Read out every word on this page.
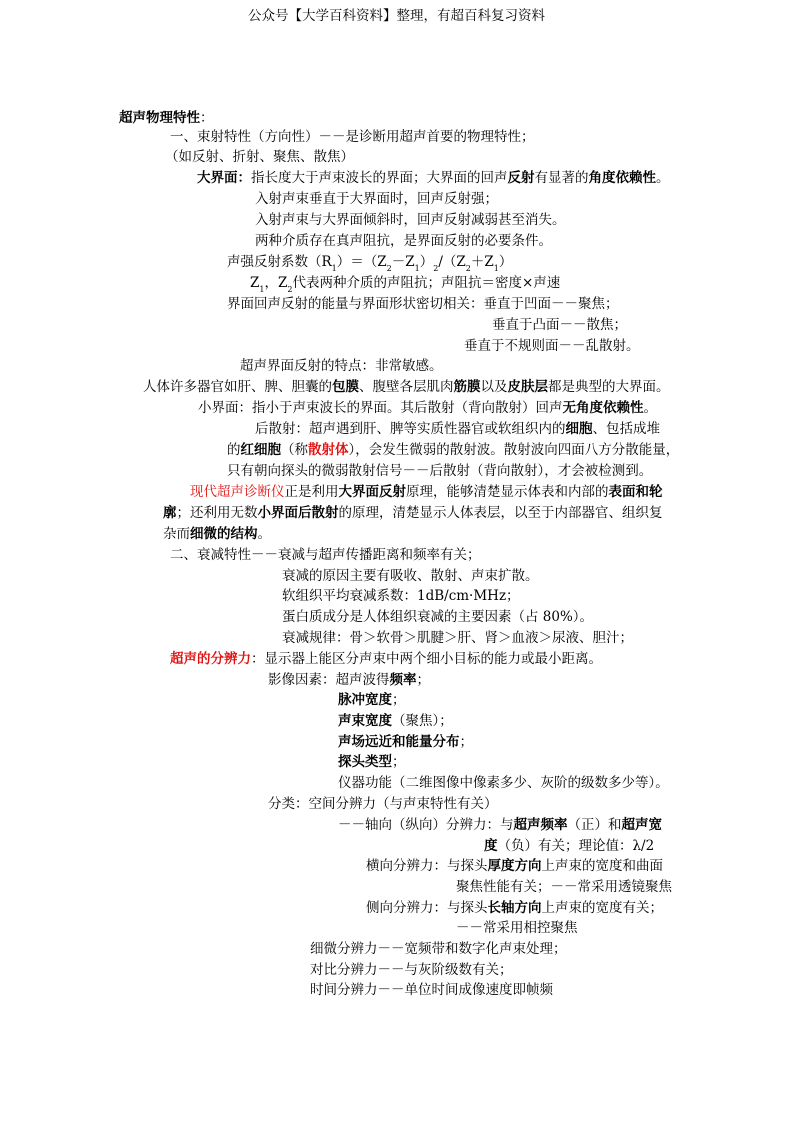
公众号【大学百科资料】整理，有超百科复习资料
超声物理特性：
一、束射特性（方向性）－－是诊断用超声首要的物理特性；
（如反射、折射、聚焦、散焦）
大界面：指长度大于声束波长的界面；大界面的回声反射有显著的角度依赖性。
入射声束垂直于大界面时，回声反射强；
入射声束与大界面倾斜时，回声反射减弱甚至消失。
两种介质存在真声阻抗，是界面反射的必要条件。
声强反射系数$(R_1)=(Z_2-Z_1)_2/(Z_2+Z_1)$
$Z_1$，$Z_2$代表两种介质的声阻抗；声阻抗＝密度×声速
界面回声反射的能量与界面形状密切相关：垂直于凹面－－聚焦；
垂直于凸面－－散焦；
垂直于不规则面－－乱散射。
超声界面反射的特点：非常敏感。
人体许多器官如肝、脾、胆囊的包膜、腹壁各层肌肉筋膜以及皮肤层都是典型的大界面。
小界面：指小于声束波长的界面。其后散射（背向散射）回声无角度依赖性。
后散射：超声遇到肝、脾等实质性器官或软组织内的细胞、包括成堆
的红细胞（称散射体），会发生微弱的散射波。散射波向四面八方分散能量，
只有朝向探头的微弱散射信号－－后散射（背向散射），才会被检测到。
现代超声诊断仪正是利用大界面反射原理，能够清楚显示体表和内部的表面和轮
廓；还利用无数小界面后散射的原理，清楚显示人体表层，以至于内部器官、组织复
杂而细微的结构。
二、衰减特性－－衰减与超声传播距离和频率有关；
衰减的原因主要有吸收、散射、声束扩散。
软组织平均衰减系数：1dB/cm·MHz；
蛋白质成分是人体组织衰减的主要因素（占 80%）。
衰减规律：骨＞软骨＞肌腱＞肝、肾＞血液＞尿液、胆汁；
超声的分辨力：显示器上能区分声束中两个细小目标的能力或最小距离。
影像因素：超声波得频率；
脉冲宽度；
声束宽度（聚焦）；
声场远近和能量分布；
探头类型；
仪器功能（二维图像中像素多少、灰阶的级数多少等）。
分类：空间分辨力（与声束特性有关）
－－轴向（纵向）分辨力：与超声频率（正）和超声宽
度（负）有关；理论值：λ/2
横向分辨力：与探头厚度方向上声束的宽度和曲面
聚焦性能有关；－－常采用透镜聚焦
侧向分辨力：与探头长轴方向上声束的宽度有关；
－－常采用相控聚焦
细微分辨力－－宽频带和数字化声束处理；
对比分辨力－－与灰阶级数有关；
时间分辨力－－单位时间成像速度即帧频
